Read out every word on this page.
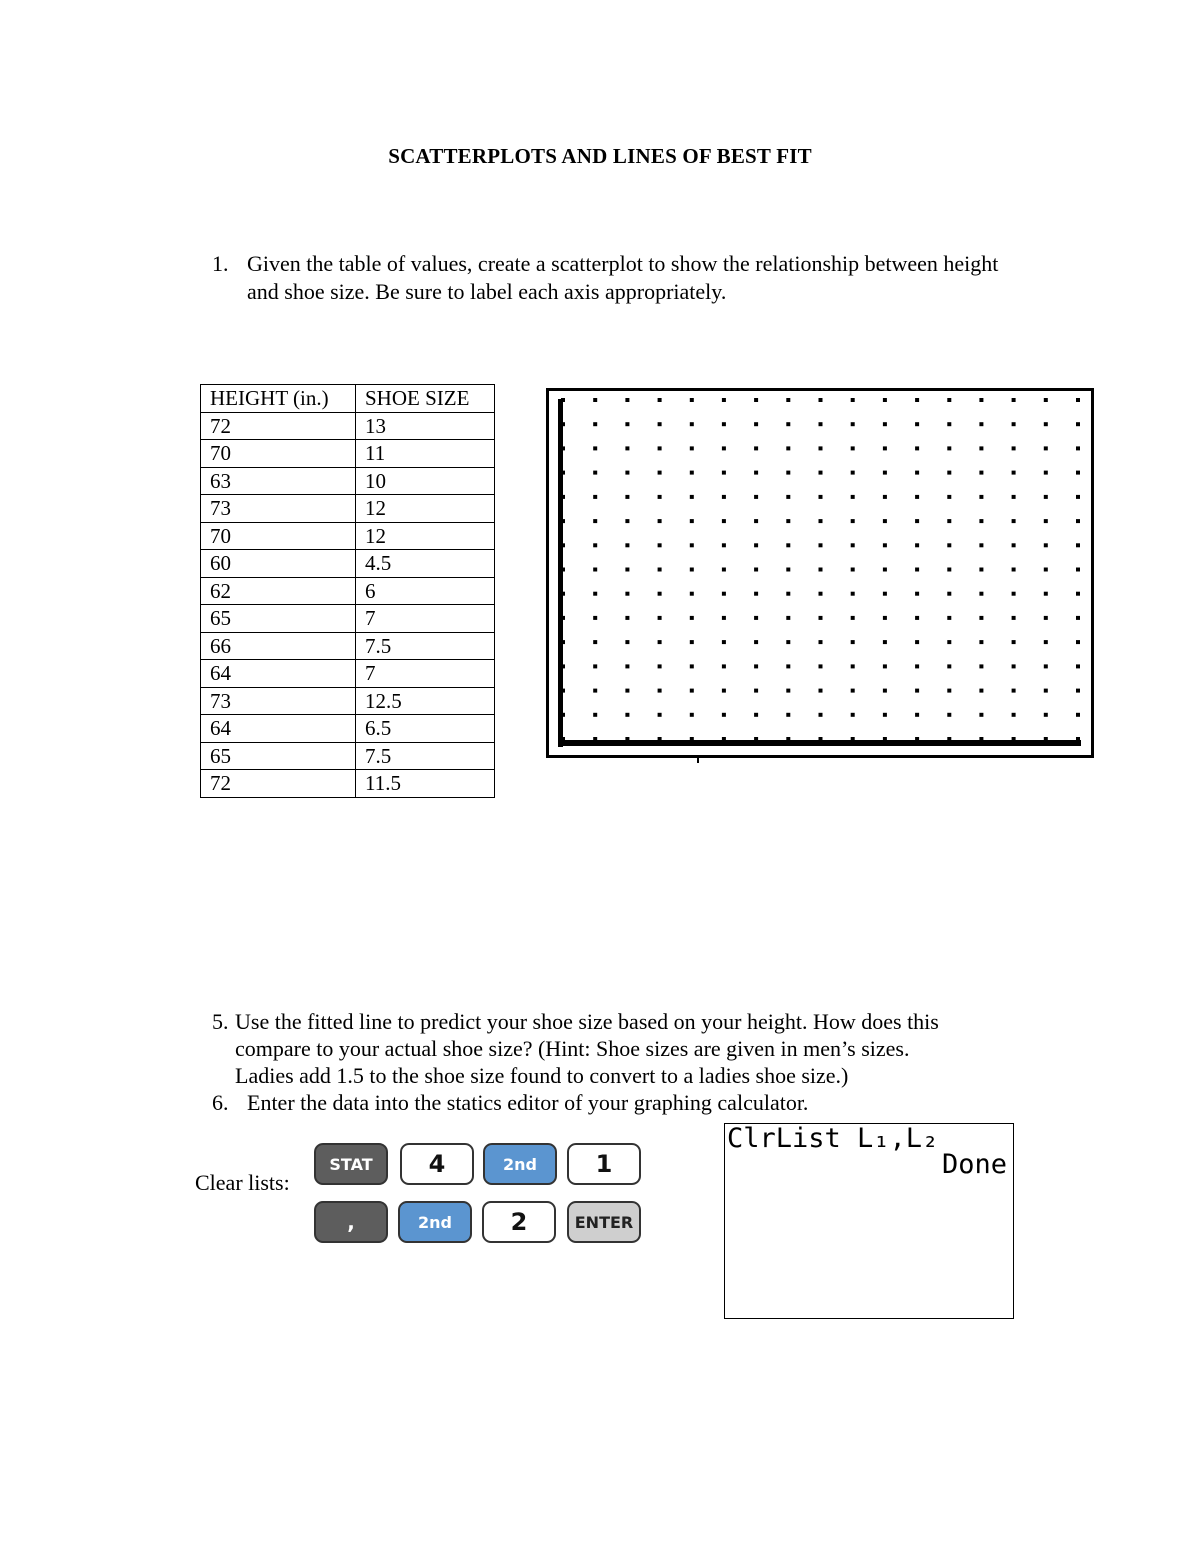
SCATTERPLOTS AND LINES OF BEST FIT
1. Given the table of values, create a scatterplot to show the relationship between height and shoe size. Be sure to label each axis appropriately.
HEIGHT (in.)	SHOE SIZE
72	13
70	11
63	10
73	12
70	12
60	4.5
62	6
65	7
66	7.5
64	7
73	12.5
64	6.5
65	7.5
72	11.5
5. Use the fitted line to predict your shoe size based on your height. How does this
compare to your actual shoe size? (Hint: Shoe sizes are given in men’s sizes.
Ladies add 1.5 to the shoe size found to convert to a ladies shoe size.)
6. Enter the data into the statics editor of your graphing calculator.
Clear lists:
STAT	4	2nd	1
,	2nd	2	ENTER
ClrList L₁,L₂
Done
